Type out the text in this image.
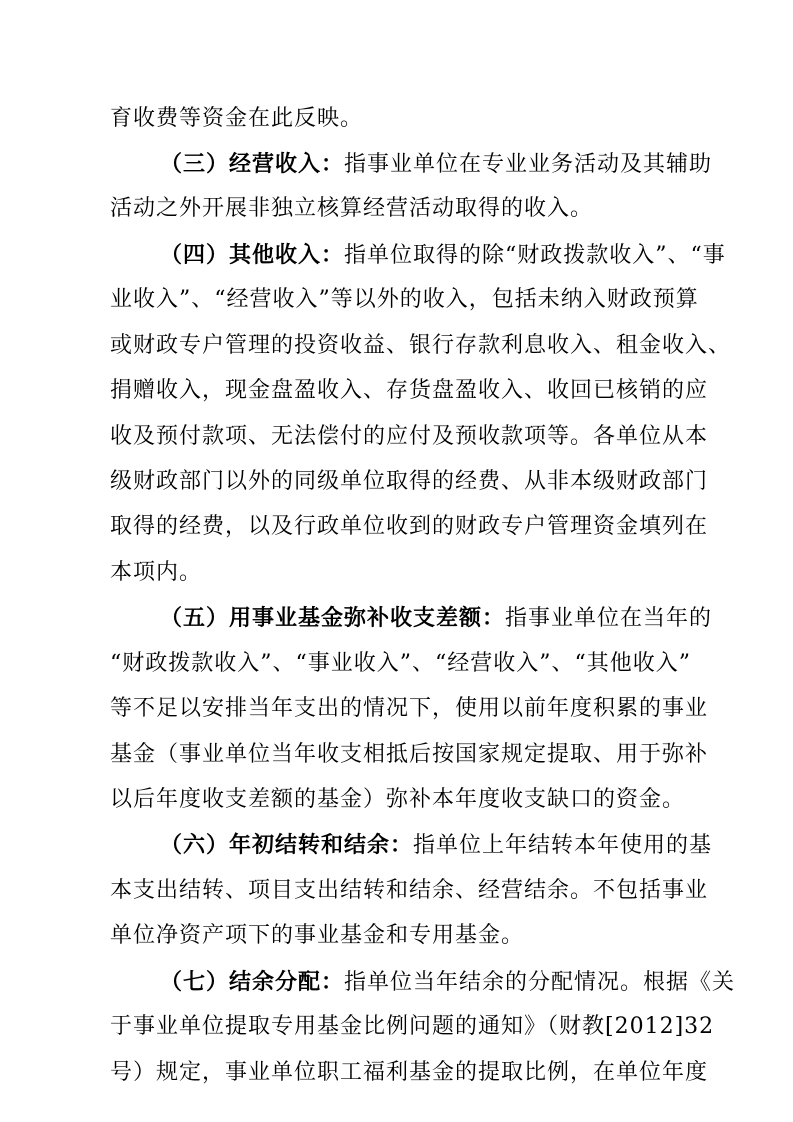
育收费等资金在此反映。
（三）经营收入：指事业单位在专业业务活动及其辅助
活动之外开展非独立核算经营活动取得的收入。
（四）其他收入：指单位取得的除“财政拨款收入”、“事
业收入”、“经营收入”等以外的收入，包括未纳入财政预算
或财政专户管理的投资收益、银行存款利息收入、租金收入、
捐赠收入，现金盘盈收入、存货盘盈收入、收回已核销的应
收及预付款项、无法偿付的应付及预收款项等。各单位从本
级财政部门以外的同级单位取得的经费、从非本级财政部门
取得的经费，以及行政单位收到的财政专户管理资金填列在
本项内。
（五）用事业基金弥补收支差额：指事业单位在当年的
“财政拨款收入”、“事业收入”、“经营收入”、“其他收入”
等不足以安排当年支出的情况下，使用以前年度积累的事业
基金（事业单位当年收支相抵后按国家规定提取、用于弥补
以后年度收支差额的基金）弥补本年度收支缺口的资金。
（六）年初结转和结余：指单位上年结转本年使用的基
本支出结转、项目支出结转和结余、经营结余。不包括事业
单位净资产项下的事业基金和专用基金。
（七）结余分配：指单位当年结余的分配情况。根据《关
于事业单位提取专用基金比例问题的通知》（财教[2012]32
号）规定，事业单位职工福利基金的提取比例，在单位年度
